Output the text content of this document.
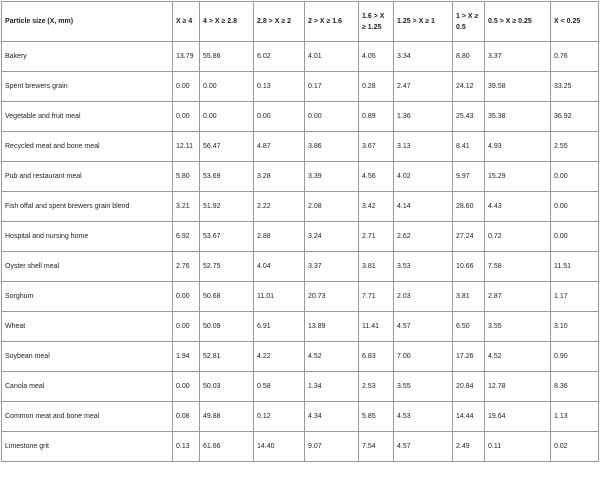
Particle size (X, mm)	X ≥ 4	4 > X ≥ 2.8	2.8 > X ≥ 2	2 > X ≥ 1.6	1.6 > X ≥ 1.25	1.25 > X ≥ 1	1 > X ≥ 0.5	0.5 > X ≥ 0.25	X < 0.25
Bakery	13.79	55.86	6.02	4.01	4.05	3.34	8.80	3.37	0.76
Spent brewers grain	0.00	0.00	0.13	0.17	0.28	2.47	24.12	39.58	33.25
Vegetable and fruit meal	0.00	0.00	0.00	0.00	0.89	1.36	25.43	35.38	36.92
Recycled meat and bone meal	12.11	56.47	4.87	3.86	3.67	3.13	8.41	4.93	2.55
Pub and restaurant meal	5.80	53.69	3.28	3.39	4.56	4.02	9.97	15.29	0.00
Fish offal and spent brewers grain blend	3.21	51.92	2.22	2.08	3.42	4.14	28.60	4.43	0.00
Hospital and nursing home	6.92	53.67	2.88	3.24	2.71	2.62	27.24	0.72	0.00
Oyster shell meal	2.76	52.75	4.04	3.37	3.81	3.53	10.66	7.58	11.51
Sorghum	0.00	50.68	11.01	20.73	7.71	2.03	3.81	2.87	1.17
Wheat	0.00	50.09	6.91	13.89	11.41	4.57	6.50	3.55	3.10
Soybean meal	1.94	52.81	4.22	4.52	6.83	7.00	17.26	4.52	0.90
Canola meal	0.00	50.03	0.58	1.34	2.53	3.55	20.84	12.78	8.36
Common meat and bone meal	0.08	49.88	0.12	4.34	5.85	4.53	14.44	19.64	1.13
Limestone grit	0.13	61.66	14.40	9.07	7.54	4.57	2.49	0.11	0.02
